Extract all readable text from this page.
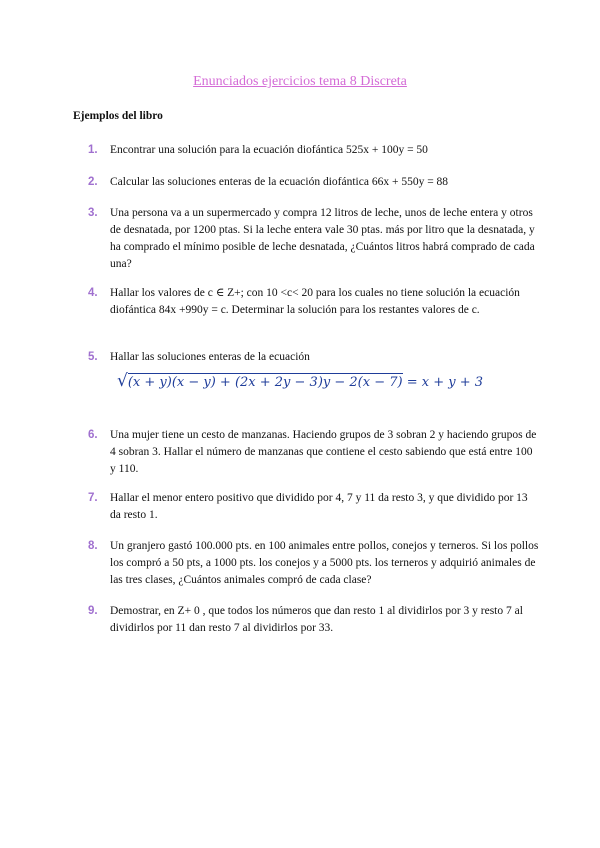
Enunciados ejercicios tema 8 Discreta
Ejemplos del libro
1.	Encontrar una solución para la ecuación diofántica 525x + 100y = 50
2.	Calcular las soluciones enteras de la ecuación diofántica 66x + 550y = 88
3.	Una persona va a un supermercado y compra 12 litros de leche, unos de leche entera y otros de desnatada, por 1200 ptas. Si la leche entera vale 30 ptas. más por litro que la desnatada, y ha comprado el mínimo posible de leche desnatada, ¿Cuántos litros habrá comprado de cada una?
4.	Hallar los valores de c ∈ Z+; con 10 <c< 20 para los cuales no tiene solución la ecuación diofántica 84x +990y = c. Determinar la solución para los restantes valores de c.
5.	Hallar las soluciones enteras de la ecuación
√(x + y)(x − y) + (2x + 2y − 3)y − 2(x − 7) = x + y + 3
6.	Una mujer tiene un cesto de manzanas. Haciendo grupos de 3 sobran 2 y haciendo grupos de 4 sobran 3. Hallar el número de manzanas que contiene el cesto sabiendo que está entre 100 y 110.
7.	Hallar el menor entero positivo que dividido por 4, 7 y 11 da resto 3, y que dividido por 13 da resto 1.
8.	Un granjero gastó 100.000 pts. en 100 animales entre pollos, conejos y terneros. Si los pollos los compró a 50 pts, a 1000 pts. los conejos y a 5000 pts. los terneros y adquirió animales de las tres clases, ¿Cuántos animales compró de cada clase?
9.	Demostrar, en Z+ 0 , que todos los números que dan resto 1 al dividirlos por 3 y resto 7 al dividirlos por 11 dan resto 7 al dividirlos por 33.
